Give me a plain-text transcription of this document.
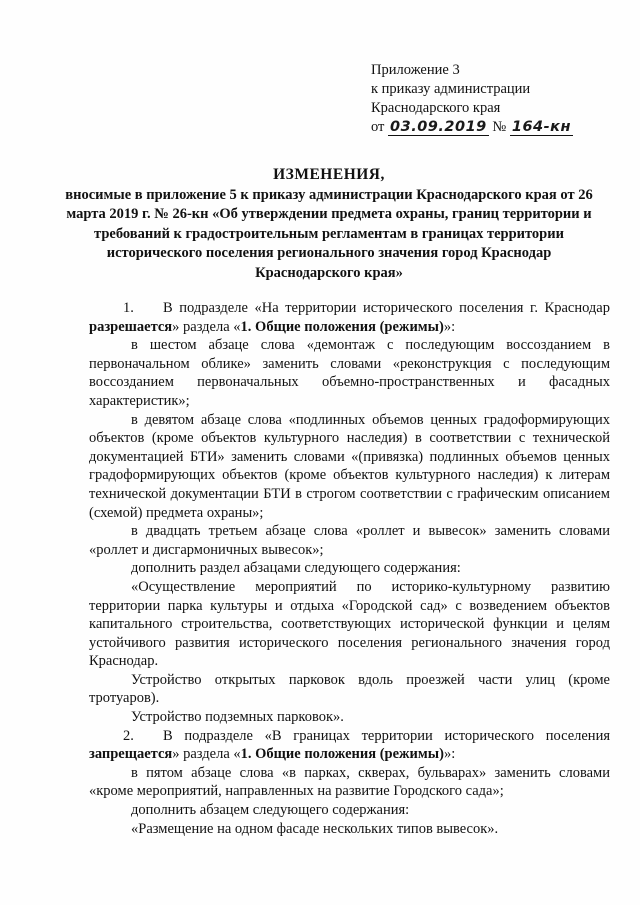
Приложение 3
к приказу администрации
Краснодарского края
от 03.09.2019 № 164-кн
ИЗМЕНЕНИЯ,
вносимые в приложение 5 к приказу администрации Краснодарского края от 26 марта 2019 г. № 26-кн «Об утверждении предмета охраны, границ территории и требований к градостроительным регламентам в границах территории исторического поселения регионального значения город Краснодар Краснодарского края»

1. В подразделе «На территории исторического поселения г. Краснодар разрешается» раздела «1. Общие положения (режимы)»:

в шестом абзаце слова «демонтаж с последующим воссозданием в первоначальном облике» заменить словами «реконструкция с последующим воссозданием первоначальных объемно-пространственных и фасадных характеристик»;

в девятом абзаце слова «подлинных объемов ценных градоформирующих объектов (кроме объектов культурного наследия) в соответствии с технической документацией БТИ» заменить словами «(привязка) подлинных объемов ценных градоформирующих объектов (кроме объектов культурного наследия) к литерам технической документации БТИ в строгом соответствии с графическим описанием (схемой) предмета охраны»;

в двадцать третьем абзаце слова «роллет и вывесок» заменить словами «роллет и дисгармоничных вывесок»;

дополнить раздел абзацами следующего содержания:

«Осуществление мероприятий по историко-культурному развитию территории парка культуры и отдыха «Городской сад» с возведением объектов капитального строительства, соответствующих исторической функции и целям устойчивого развития исторического поселения регионального значения город Краснодар.

Устройство открытых парковок вдоль проезжей части улиц (кроме тротуаров).

Устройство подземных парковок».

2. В подразделе «В границах территории исторического поселения запрещается» раздела «1. Общие положения (режимы)»:

в пятом абзаце слова «в парках, скверах, бульварах» заменить словами «кроме мероприятий, направленных на развитие Городского сада»;

дополнить абзацем следующего содержания:

«Размещение на одном фасаде нескольких типов вывесок».
